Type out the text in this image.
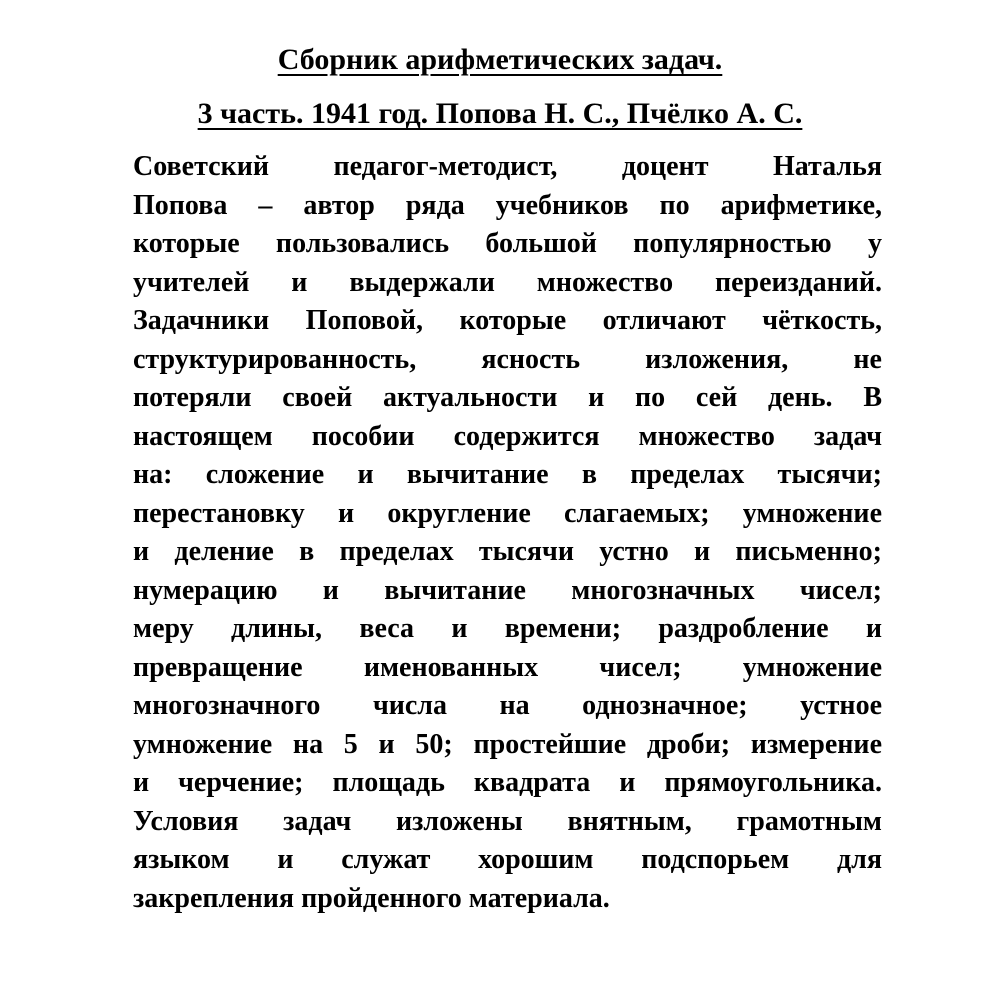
Сборник арифметических задач.
3 часть. 1941 год. Попова Н. С., Пчёлко А. С.
Советский педагог-методист, доцент Наталья
Попова – автор ряда учебников по арифметике,
которые пользовались большой популярностью у
учителей и выдержали множество переизданий.
Задачники Поповой, которые отличают чёткость,
структурированность, ясность изложения, не
потеряли своей актуальности и по сей день. В
настоящем пособии содержится множество задач
на: сложение и вычитание в пределах тысячи;
перестановку и округление слагаемых; умножение
и деление в пределах тысячи устно и письменно;
нумерацию и вычитание многозначных чисел;
меру длины, веса и времени; раздробление и
превращение именованных чисел; умножение
многозначного числа на однозначное; устное
умножение на 5 и 50; простейшие дроби; измерение
и черчение; площадь квадрата и прямоугольника.
Условия задач изложены внятным, грамотным
языком и служат хорошим подспорьем для
закрепления пройденного материала.
